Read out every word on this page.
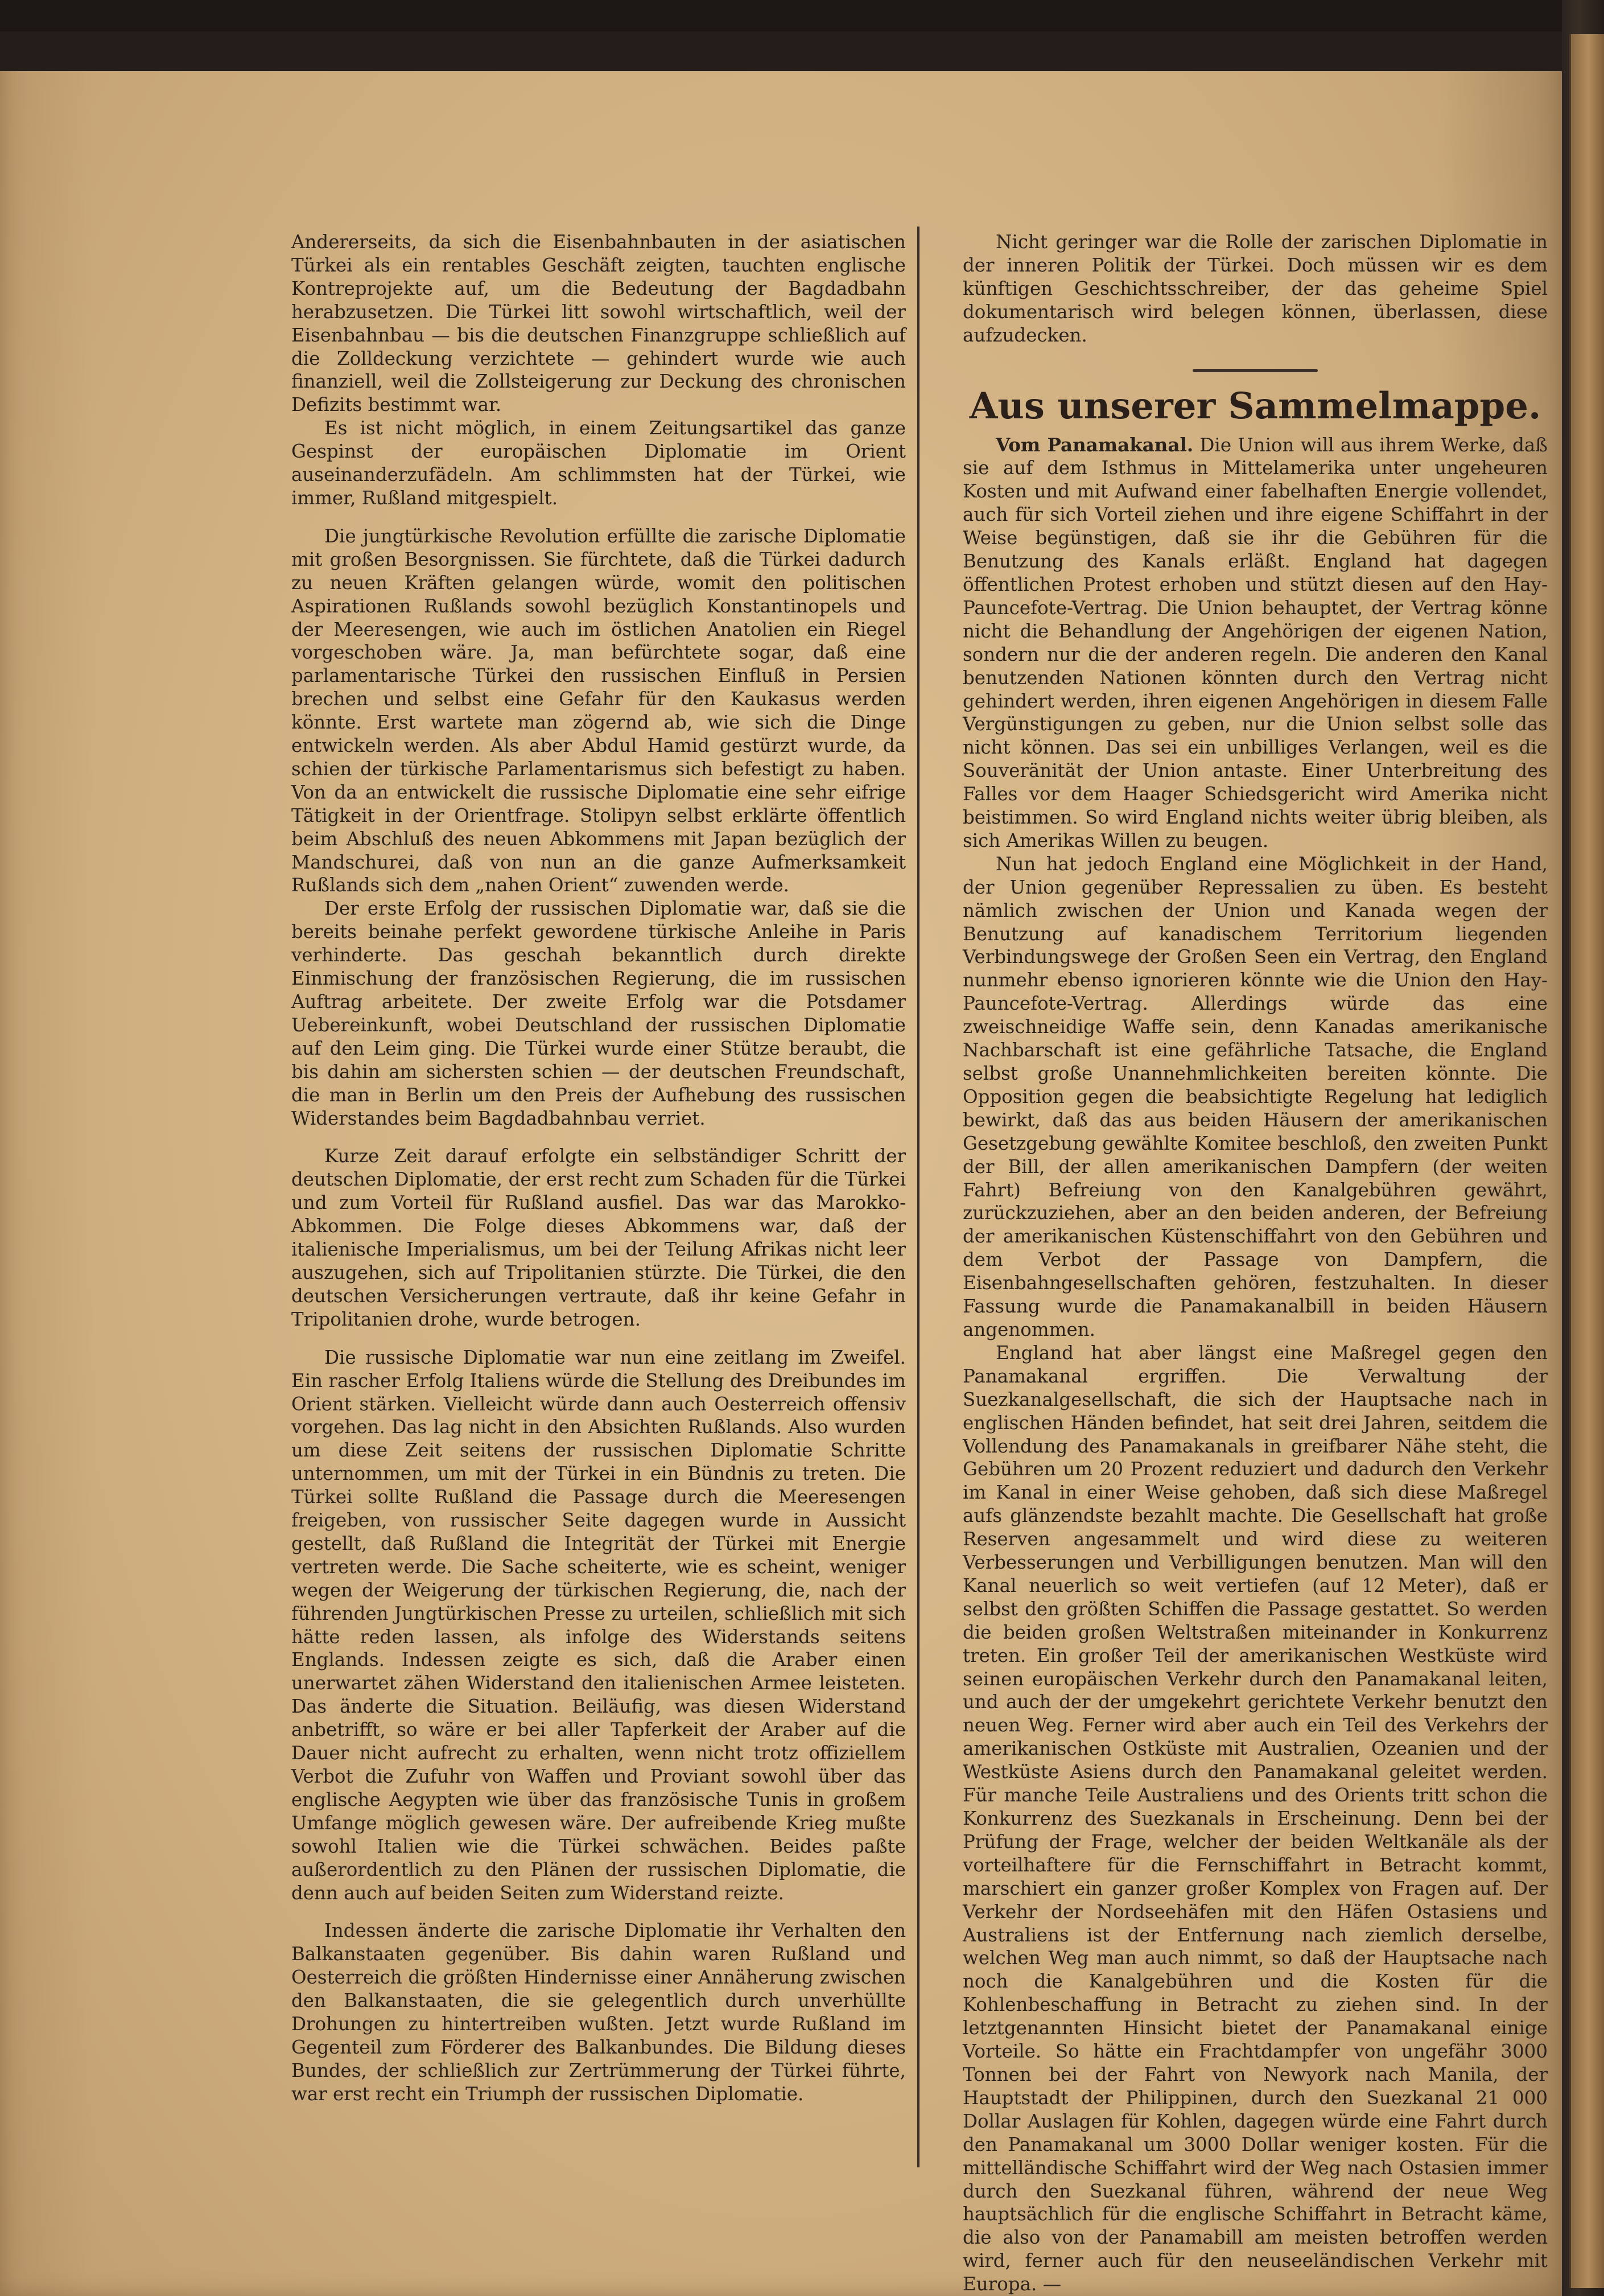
Andererseits, da sich die Eisenbahnbauten in der asiatischen Türkei als ein rentables Geschäft zeigten, tauchten englische Kontreprojekte auf, um die Bedeutung der Bagdadbahn herabzusetzen. Die Türkei litt sowohl wirtschaftlich, weil der Eisenbahnbau — bis die deutschen Finanzgruppe schließlich auf die Zolldeckung verzichtete — gehindert wurde wie auch finanziell, weil die Zollsteigerung zur Deckung des chronischen Defizits bestimmt war.

Es ist nicht möglich, in einem Zeitungsartikel das ganze Gespinst der europäischen Diplomatie im Orient auseinanderzufädeln. Am schlimmsten hat der Türkei, wie immer, Rußland mitgespielt.

Die jungtürkische Revolution erfüllte die zarische Diplomatie mit großen Besorgnissen. Sie fürchtete, daß die Türkei dadurch zu neuen Kräften gelangen würde, womit den politischen Aspirationen Rußlands sowohl bezüglich Konstantinopels und der Meeresengen, wie auch im östlichen Anatolien ein Riegel vorgeschoben wäre. Ja, man befürchtete sogar, daß eine parlamentarische Türkei den russischen Einfluß in Persien brechen und selbst eine Gefahr für den Kaukasus werden könnte. Erst wartete man zögernd ab, wie sich die Dinge entwickeln werden. Als aber Abdul Hamid gestürzt wurde, da schien der türkische Parlamentarismus sich befestigt zu haben. Von da an entwickelt die russische Diplomatie eine sehr eifrige Tätigkeit in der Orientfrage. Stolipyn selbst erklärte öffentlich beim Abschluß des neuen Abkommens mit Japan bezüglich der Mandschurei, daß von nun an die ganze Aufmerksamkeit Rußlands sich dem „nahen Orient“ zuwenden werde.

Der erste Erfolg der russischen Diplomatie war, daß sie die bereits beinahe perfekt gewordene türkische Anleihe in Paris verhinderte. Das geschah bekanntlich durch direkte Einmischung der französischen Regierung, die im russischen Auftrag arbeitete. Der zweite Erfolg war die Potsdamer Uebereinkunft, wobei Deutschland der russischen Diplomatie auf den Leim ging. Die Türkei wurde einer Stütze beraubt, die bis dahin am sichersten schien — der deutschen Freundschaft, die man in Berlin um den Preis der Aufhebung des russischen Widerstandes beim Bagdadbahnbau verriet.

Kurze Zeit darauf erfolgte ein selbständiger Schritt der deutschen Diplomatie, der erst recht zum Schaden für die Türkei und zum Vorteil für Rußland ausfiel. Das war das Marokko-Abkommen. Die Folge dieses Abkommens war, daß der italienische Imperialismus, um bei der Teilung Afrikas nicht leer auszugehen, sich auf Tripolitanien stürzte. Die Türkei, die den deutschen Versicherungen vertraute, daß ihr keine Gefahr in Tripolitanien drohe, wurde betrogen.

Die russische Diplomatie war nun eine zeitlang im Zweifel. Ein rascher Erfolg Italiens würde die Stellung des Dreibundes im Orient stärken. Vielleicht würde dann auch Oesterreich offensiv vorgehen. Das lag nicht in den Absichten Rußlands. Also wurden um diese Zeit seitens der russischen Diplomatie Schritte unternommen, um mit der Türkei in ein Bündnis zu treten. Die Türkei sollte Rußland die Passage durch die Meeresengen freigeben, von russischer Seite dagegen wurde in Aussicht gestellt, daß Rußland die Integrität der Türkei mit Energie vertreten werde. Die Sache scheiterte, wie es scheint, weniger wegen der Weigerung der türkischen Regierung, die, nach der führenden Jungtürkischen Presse zu urteilen, schließlich mit sich hätte reden lassen, als infolge des Widerstands seitens Englands. Indessen zeigte es sich, daß die Araber einen unerwartet zähen Widerstand den italienischen Armee leisteten. Das änderte die Situation. Beiläufig, was diesen Widerstand anbetrifft, so wäre er bei aller Tapferkeit der Araber auf die Dauer nicht aufrecht zu erhalten, wenn nicht trotz offiziellem Verbot die Zufuhr von Waffen und Proviant sowohl über das englische Aegypten wie über das französische Tunis in großem Umfange möglich gewesen wäre. Der aufreibende Krieg mußte sowohl Italien wie die Türkei schwächen. Beides paßte außerordentlich zu den Plänen der russischen Diplomatie, die denn auch auf beiden Seiten zum Widerstand reizte.

Indessen änderte die zarische Diplomatie ihr Verhalten den Balkanstaaten gegenüber. Bis dahin waren Rußland und Oesterreich die größten Hindernisse einer Annäherung zwischen den Balkanstaaten, die sie gelegentlich durch unverhüllte Drohungen zu hintertreiben wußten. Jetzt wurde Rußland im Gegenteil zum Förderer des Balkanbundes. Die Bildung dieses Bundes, der schließlich zur Zertrümmerung der Türkei führte, war erst recht ein Triumph der russischen Diplomatie.

Nicht geringer war die Rolle der zarischen Diplomatie in der inneren Politik der Türkei. Doch müssen wir es dem künftigen Geschichtsschreiber, der das geheime Spiel dokumentarisch wird belegen können, überlassen, diese aufzudecken.

Aus unserer Sammelmappe.

Vom Panamakanal. Die Union will aus ihrem Werke, daß sie auf dem Isthmus in Mittelamerika unter ungeheuren Kosten und mit Aufwand einer fabelhaften Energie vollendet, auch für sich Vorteil ziehen und ihre eigene Schiffahrt in der Weise begünstigen, daß sie ihr die Gebühren für die Benutzung des Kanals erläßt. England hat dagegen öffentlichen Protest erhoben und stützt diesen auf den Hay-Pauncefote-Vertrag. Die Union behauptet, der Vertrag könne nicht die Behandlung der Angehörigen der eigenen Nation, sondern nur die der anderen regeln. Die anderen den Kanal benutzenden Nationen könnten durch den Vertrag nicht gehindert werden, ihren eigenen Angehörigen in diesem Falle Vergünstigungen zu geben, nur die Union selbst solle das nicht können. Das sei ein unbilliges Verlangen, weil es die Souveränität der Union antaste. Einer Unterbreitung des Falles vor dem Haager Schiedsgericht wird Amerika nicht beistimmen. So wird England nichts weiter übrig bleiben, als sich Amerikas Willen zu beugen.

Nun hat jedoch England eine Möglichkeit in der Hand, der Union gegenüber Repressalien zu üben. Es besteht nämlich zwischen der Union und Kanada wegen der Benutzung auf kanadischem Territorium liegenden Verbindungswege der Großen Seen ein Vertrag, den England nunmehr ebenso ignorieren könnte wie die Union den Hay-Pauncefote-Vertrag. Allerdings würde das eine zweischneidige Waffe sein, denn Kanadas amerikanische Nachbarschaft ist eine gefährliche Tatsache, die England selbst große Unannehmlichkeiten bereiten könnte. Die Opposition gegen die beabsichtigte Regelung hat lediglich bewirkt, daß das aus beiden Häusern der amerikanischen Gesetzgebung gewählte Komitee beschloß, den zweiten Punkt der Bill, der allen amerikanischen Dampfern (der weiten Fahrt) Befreiung von den Kanalgebühren gewährt, zurückzuziehen, aber an den beiden anderen, der Befreiung der amerikanischen Küstenschiffahrt von den Gebühren und dem Verbot der Passage von Dampfern, die Eisenbahngesellschaften gehören, festzuhalten. In dieser Fassung wurde die Panamakanalbill in beiden Häusern angenommen.

England hat aber längst eine Maßregel gegen den Panamakanal ergriffen. Die Verwaltung der Suezkanalgesellschaft, die sich der Hauptsache nach in englischen Händen befindet, hat seit drei Jahren, seitdem die Vollendung des Panamakanals in greifbarer Nähe steht, die Gebühren um 20 Prozent reduziert und dadurch den Verkehr im Kanal in einer Weise gehoben, daß sich diese Maßregel aufs glänzendste bezahlt machte. Die Gesellschaft hat große Reserven angesammelt und wird diese zu weiteren Verbesserungen und Verbilligungen benutzen. Man will den Kanal neuerlich so weit vertiefen (auf 12 Meter), daß er selbst den größten Schiffen die Passage gestattet. So werden die beiden großen Weltstraßen miteinander in Konkurrenz treten. Ein großer Teil der amerikanischen Westküste wird seinen europäischen Verkehr durch den Panamakanal leiten, und auch der der umgekehrt gerichtete Verkehr benutzt den neuen Weg. Ferner wird aber auch ein Teil des Verkehrs der amerikanischen Ostküste mit Australien, Ozeanien und der Westküste Asiens durch den Panamakanal geleitet werden. Für manche Teile Australiens und des Orients tritt schon die Konkurrenz des Suezkanals in Erscheinung. Denn bei der Prüfung der Frage, welcher der beiden Weltkanäle als der vorteilhaftere für die Fernschiffahrt in Betracht kommt, marschiert ein ganzer großer Komplex von Fragen auf. Der Verkehr der Nordseehäfen mit den Häfen Ostasiens und Australiens ist der Entfernung nach ziemlich derselbe, welchen Weg man auch nimmt, so daß der Hauptsache nach noch die Kanalgebühren und die Kosten für die Kohlenbeschaffung in Betracht zu ziehen sind. In der letztgenannten Hinsicht bietet der Panamakanal einige Vorteile. So hätte ein Frachtdampfer von ungefähr 3000 Tonnen bei der Fahrt von Newyork nach Manila, der Hauptstadt der Philippinen, durch den Suezkanal 21 000 Dollar Auslagen für Kohlen, dagegen würde eine Fahrt durch den Panamakanal um 3000 Dollar weniger kosten. Für die mittelländische Schiffahrt wird der Weg nach Ostasien immer durch den Suezkanal führen, während der neue Weg hauptsächlich für die englische Schiffahrt in Betracht käme, die also von der Panamabill am meisten betroffen werden wird, ferner auch für den neuseeländischen Verkehr mit Europa. —
